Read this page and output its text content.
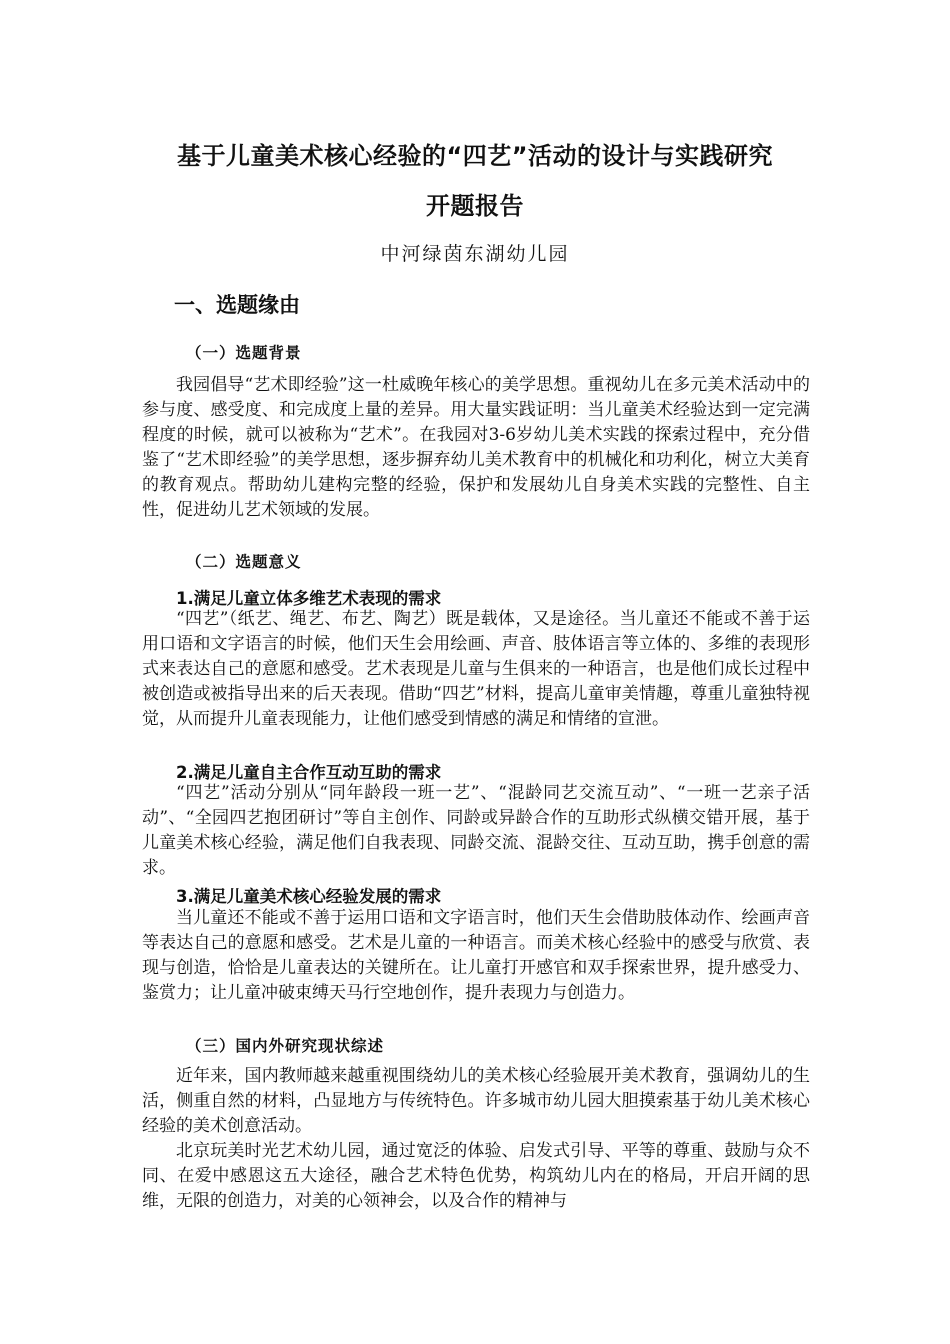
基于儿童美术核心经验的“四艺”活动的设计与实践研究
开题报告
中河绿茵东湖幼儿园
一、选题缘由
（一）选题背景

我园倡导“艺术即经验”这一杜威晚年核心的美学思想。重视幼儿在多元美术活动中的参与度、感受度、和完成度上量的差异。用大量实践证明：当儿童美术经验达到一定完满程度的时候，就可以被称为“艺术”。在我园对3-6岁幼儿美术实践的探索过程中，充分借鉴了“艺术即经验”的美学思想，逐步摒弃幼儿美术教育中的机械化和功利化，树立大美育的教育观点。帮助幼儿建构完整的经验，保护和发展幼儿自身美术实践的完整性、自主性，促进幼儿艺术领域的发展。

（二）选题意义
1.满足儿童立体多维艺术表现的需求

“四艺”（纸艺、绳艺、布艺、陶艺）既是载体，又是途径。当儿童还不能或不善于运用口语和文字语言的时候，他们天生会用绘画、声音、肢体语言等立体的、多维的表现形式来表达自己的意愿和感受。艺术表现是儿童与生俱来的一种语言，也是他们成长过程中被创造或被指导出来的后天表现。借助“四艺”材料，提高儿童审美情趣，尊重儿童独特视觉，从而提升儿童表现能力，让他们感受到情感的满足和情绪的宣泄。

2.满足儿童自主合作互动互助的需求

“四艺”活动分别从“同年龄段一班一艺”、“混龄同艺交流互动”、“一班一艺亲子活动”、“全园四艺抱团研讨”等自主创作、同龄或异龄合作的互助形式纵横交错开展，基于儿童美术核心经验，满足他们自我表现、同龄交流、混龄交往、互动互助，携手创意的需求。

3.满足儿童美术核心经验发展的需求

当儿童还不能或不善于运用口语和文字语言时，他们天生会借助肢体动作、绘画声音等表达自己的意愿和感受。艺术是儿童的一种语言。而美术核心经验中的感受与欣赏、表现与创造，恰恰是儿童表达的关键所在。让儿童打开感官和双手探索世界，提升感受力、鉴赏力；让儿童冲破束缚天马行空地创作，提升表现力与创造力。

（三）国内外研究现状综述

近年来，国内教师越来越重视围绕幼儿的美术核心经验展开美术教育，强调幼儿的生活，侧重自然的材料，凸显地方与传统特色。许多城市幼儿园大胆摸索基于幼儿美术核心经验的美术创意活动。

北京玩美时光艺术幼儿园，通过宽泛的体验、启发式引导、平等的尊重、鼓励与众不同、在爱中感恩这五大途径，融合艺术特色优势，构筑幼儿内在的格局，开启开阔的思维，无限的创造力，对美的心领神会，以及合作的精神与
